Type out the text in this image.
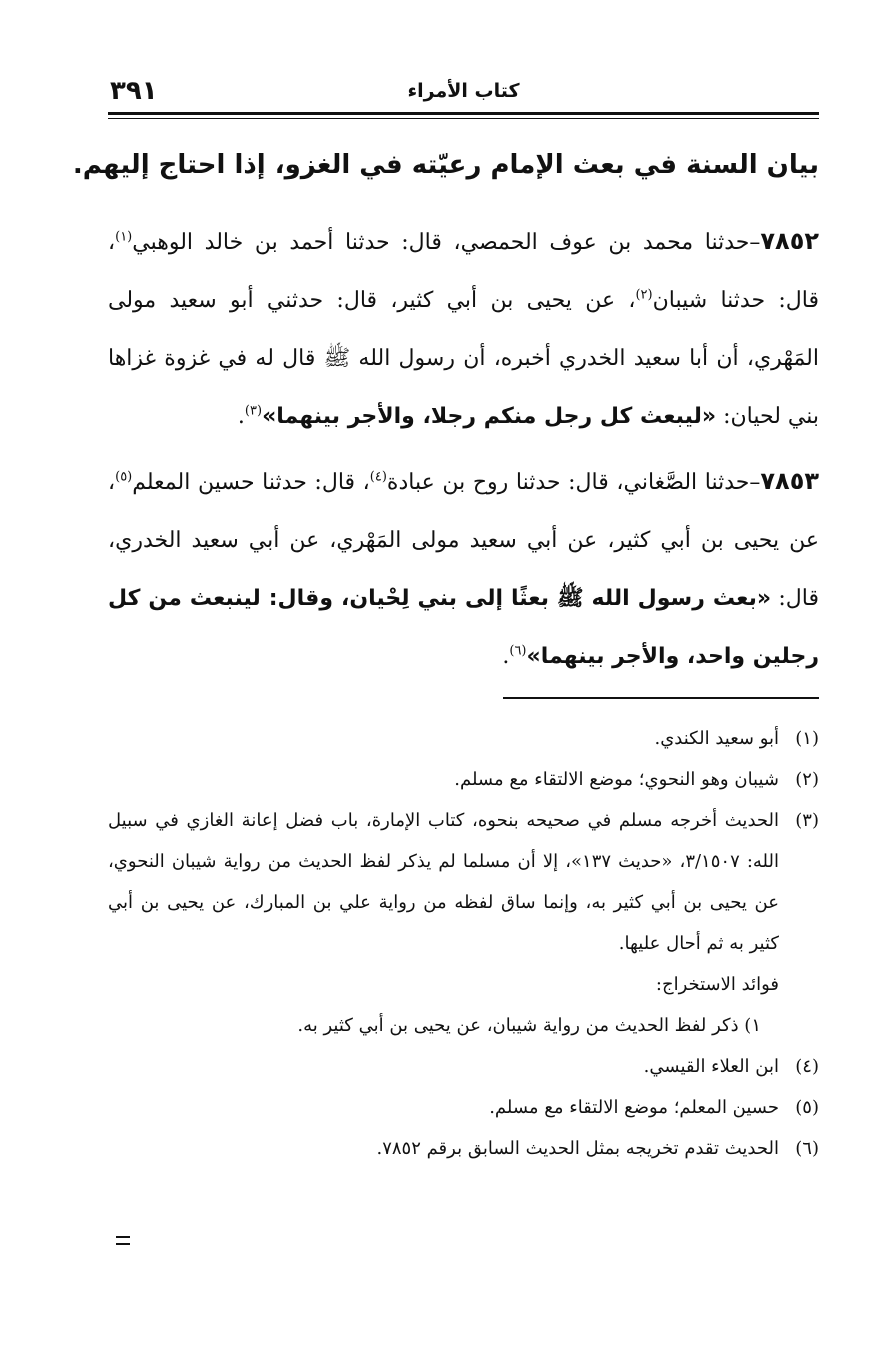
٣٩١	كتاب الأمراء
بيان السنة في بعث الإمام رعيّته في الغزو، إذا احتاج إليهم.

٧٨٥٢–حدثنا محمد بن عوف الحمصي، قال: حدثنا أحمد بن خالد الوهبي$^{(١)}$، قال: حدثنا شيبان$^{(٢)}$، عن يحيى بن أبي كثير، قال: حدثني أبو سعيد مولى المَهْري، أن أبا سعيد الخدري أخبره، أن رسول الله ﷺ قال له في غزوة غزاها بني لحيان: «ليبعث كل رجل منكم رجلا، والأجر بينهما»$^{(٣)}$.

٧٨٥٣–حدثنا الصَّغاني، قال: حدثنا روح بن عبادة$^{(٤)}$، قال: حدثنا حسين المعلم$^{(٥)}$، عن يحيى بن أبي كثير، عن أبي سعيد مولى المَهْري، عن أبي سعيد الخدري، قال: «بعث رسول الله ﷺ بعثًا إلى بني لِحْيان، وقال: لينبعث من كل رجلين واحد، والأجر بينهما»$^{(٦)}$.

(١)
أبو سعيد الكندي.
(٢)
شيبان وهو النحوي؛ موضع الالتقاء مع مسلم.
(٣)
الحديث أخرجه مسلم في صحيحه بنحوه، كتاب الإمارة، باب فضل إعانة الغازي في سبيل الله: ٣/١٥٠٧، «حديث ١٣٧»، إلا أن مسلما لم يذكر لفظ الحديث من رواية شيبان النحوي، عن يحيى بن أبي كثير به، وإنما ساق لفظه من رواية علي بن المبارك، عن يحيى بن أبي كثير به ثم أحال عليها.
فوائد الاستخراج:
١) ذكر لفظ الحديث من رواية شيبان، عن يحيى بن أبي كثير به.
(٤)
ابن العلاء القيسي.
(٥)
حسين المعلم؛ موضع الالتقاء مع مسلم.
(٦)
الحديث تقدم تخريجه بمثل الحديث السابق برقم ٧٨٥٢.
